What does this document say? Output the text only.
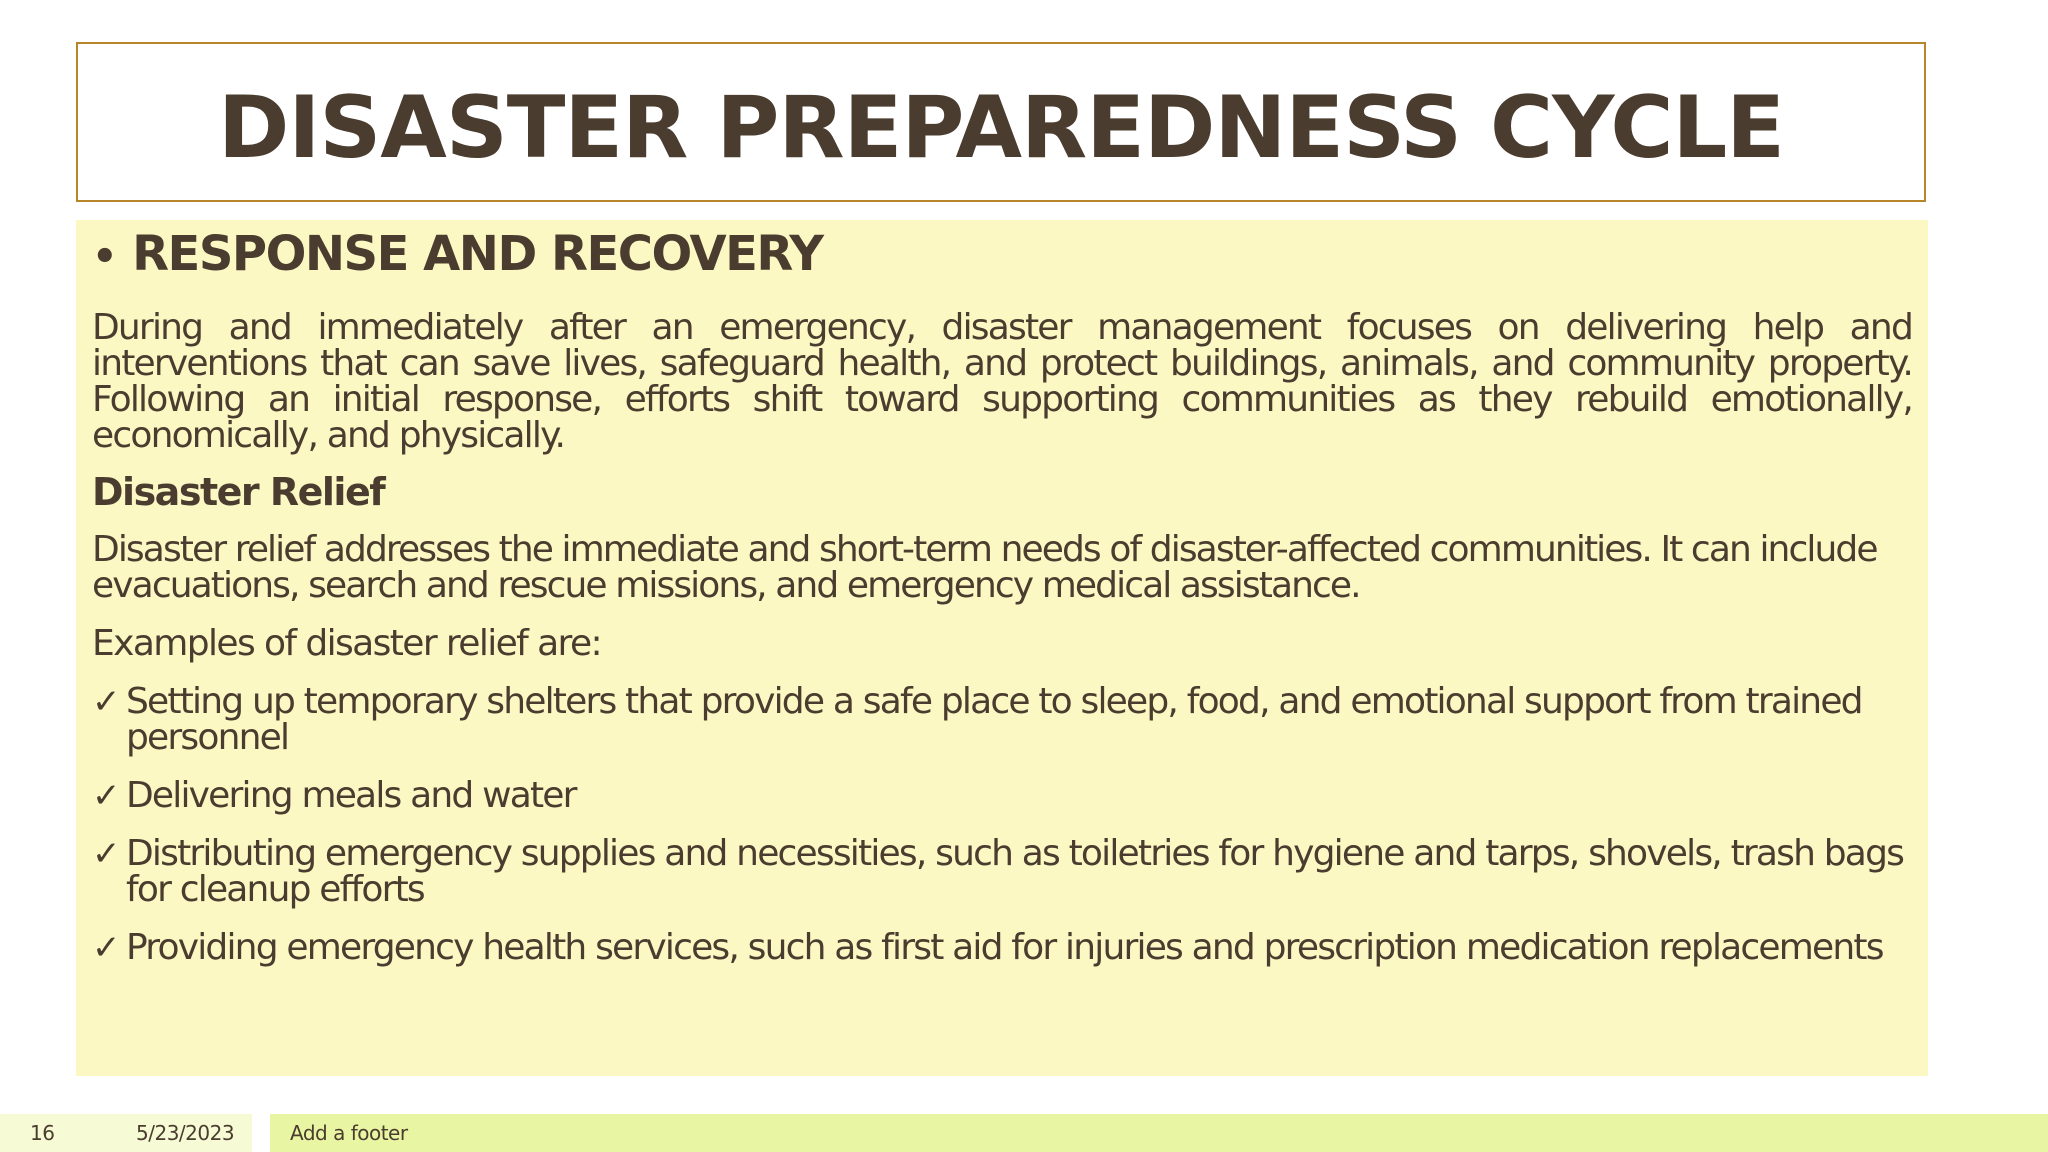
DISASTER PREPAREDNESS CYCLE
• RESPONSE AND RECOVERY

During and immediately after an emergency, disaster management focuses on delivering help and interventions that can save lives, safeguard health, and protect buildings, animals, and community property. Following an initial response, efforts shift toward supporting communities as they rebuild emotionally, economically, and physically.

Disaster Relief

Disaster relief addresses the immediate and short-term needs of disaster-affected communities. It can include evacuations, search and rescue missions, and emergency medical assistance.

Examples of disaster relief are:

✓ Setting up temporary shelters that provide a safe place to sleep, food, and emotional support from trained personnel
✓ Delivering meals and water
✓ Distributing emergency supplies and necessities, such as toiletries for hygiene and tarps, shovels, trash bags for cleanup efforts
✓ Providing emergency health services, such as first aid for injuries and prescription medication replacements
16	5/23/2023	Add a footer
